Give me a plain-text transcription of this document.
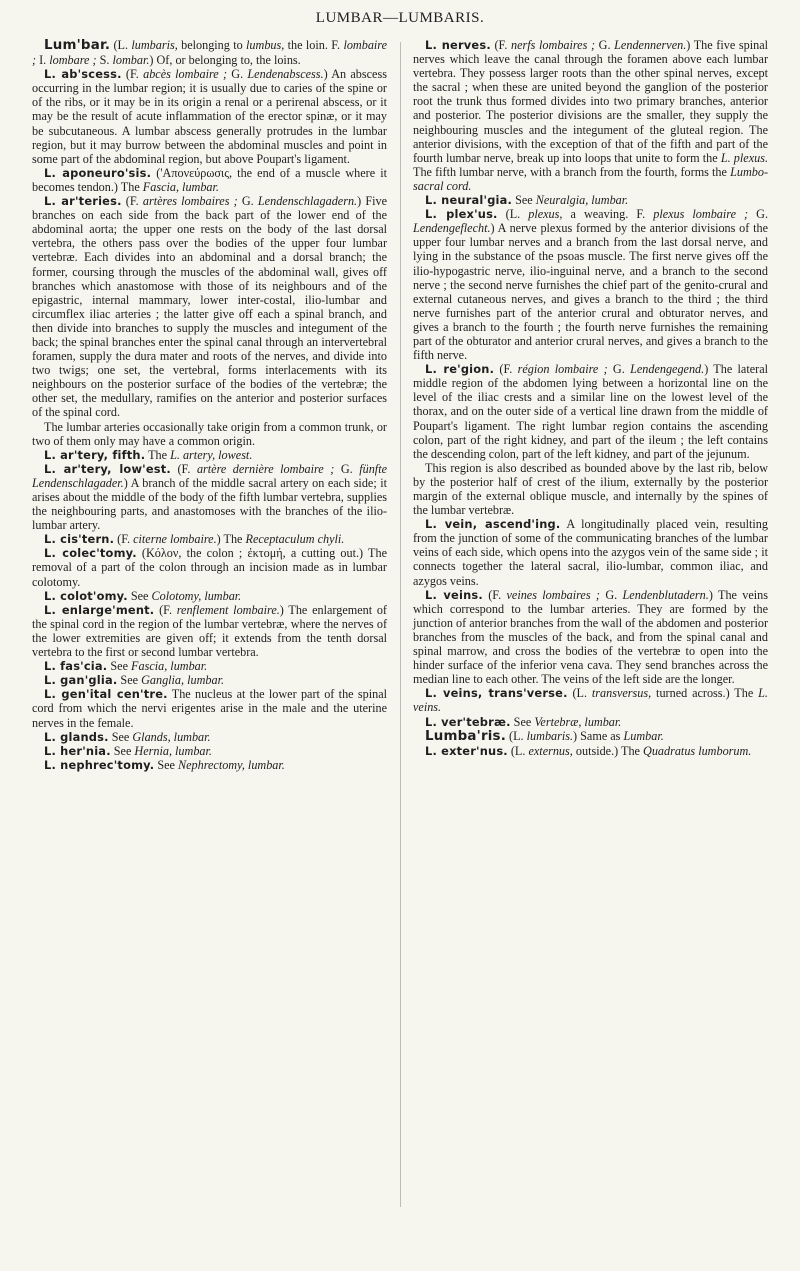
LUMBAR—LUMBARIS.

Lum'bar. (L. lumbaris, belonging to lumbus, the loin. F. lombaire ; I. lombare ; S. lombar.) Of, or belonging to, the loins.

L. ab'scess. (F. abcès lombaire ; G. Lendenabscess.) An abscess occurring in the lumbar region; it is usually due to caries of the spine or of the ribs, or it may be in its origin a renal or a perirenal abscess, or it may be the result of acute inflammation of the erector spinæ, or it may be subcutaneous. A lumbar abscess generally protrudes in the lumbar region, but it may burrow between the abdominal muscles and point in some part of the abdominal region, but above Poupart's ligament.

L. aponeuro'sis. ('Απονεύρωσις, the end of a muscle where it becomes tendon.) The Fascia, lumbar.

L. ar'teries. (F. artères lombaires ; G. Lendenschlagadern.) Five branches on each side from the back part of the lower end of the abdominal aorta; the upper one rests on the body of the last dorsal vertebra, the others pass over the bodies of the upper four lumbar vertebræ. Each divides into an abdominal and a dorsal branch; the former, coursing through the muscles of the abdominal wall, gives off branches which anastomose with those of its neighbours and of the epigastric, internal mammary, lower inter-costal, ilio-lumbar and circumflex iliac arteries ; the latter give off each a spinal branch, and then divide into branches to supply the muscles and integument of the back; the spinal branches enter the spinal canal through an intervertebral foramen, supply the dura mater and roots of the nerves, and divide into two twigs; one set, the vertebral, forms interlacements with its neighbours on the posterior surface of the bodies of the vertebræ; the other set, the medullary, ramifies on the anterior and posterior surfaces of the spinal cord.

The lumbar arteries occasionally take origin from a common trunk, or two of them only may have a common origin.

L. ar'tery, fifth. The L. artery, lowest.

L. ar'tery, low'est. (F. artère dernière lombaire ; G. fünfte Lendenschlagader.) A branch of the middle sacral artery on each side; it arises about the middle of the body of the fifth lumbar vertebra, supplies the neighbouring parts, and anastomoses with the branches of the ilio-lumbar artery.

L. cis'tern. (F. citerne lombaire.) The Receptaculum chyli.

L. colec'tomy. (Κόλον, the colon ; ἐκτομή, a cutting out.) The removal of a part of the colon through an incision made as in lumbar colotomy.

L. colot'omy. See Colotomy, lumbar.

L. enlarge'ment. (F. renflement lombaire.) The enlargement of the spinal cord in the region of the lumbar vertebræ, where the nerves of the lower extremities are given off; it extends from the tenth dorsal vertebra to the first or second lumbar vertebra.

L. fas'cia. See Fascia, lumbar.

L. gan'glia. See Ganglia, lumbar.

L. gen'ital cen'tre. The nucleus at the lower part of the spinal cord from which the nervi erigentes arise in the male and the uterine nerves in the female.

L. glands. See Glands, lumbar.

L. her'nia. See Hernia, lumbar.

L. nephrec'tomy. See Nephrectomy, lumbar.

L. nerves. (F. nerfs lombaires ; G. Lendennerven.) The five spinal nerves which leave the canal through the foramen above each lumbar vertebra. They possess larger roots than the other spinal nerves, except the sacral ; when these are united beyond the ganglion of the posterior root the trunk thus formed divides into two primary branches, anterior and posterior. The posterior divisions are the smaller, they supply the neighbouring muscles and the integument of the gluteal region. The anterior divisions, with the exception of that of the fifth and part of the fourth lumbar nerve, break up into loops that unite to form the L. plexus. The fifth lumbar nerve, with a branch from the fourth, forms the Lumbo-sacral cord.

L. neural'gia. See Neuralgia, lumbar.

L. plex'us. (L. plexus, a weaving. F. plexus lombaire ; G. Lendengeflecht.) A nerve plexus formed by the anterior divisions of the upper four lumbar nerves and a branch from the last dorsal nerve, and lying in the substance of the psoas muscle. The first nerve gives off the ilio-hypogastric nerve, ilio-inguinal nerve, and a branch to the second nerve ; the second nerve furnishes the chief part of the genito-crural and external cutaneous nerves, and gives a branch to the third ; the third nerve furnishes part of the anterior crural and obturator nerves, and gives a branch to the fourth ; the fourth nerve furnishes the remaining part of the obturator and anterior crural nerves, and gives a branch to the fifth nerve.

L. re'gion. (F. région lombaire ; G. Lendengegend.) The lateral middle region of the abdomen lying between a horizontal line on the level of the iliac crests and a similar line on the lowest level of the thorax, and on the outer side of a vertical line drawn from the middle of Poupart's ligament. The right lumbar region contains the ascending colon, part of the right kidney, and part of the ileum ; the left contains the descending colon, part of the left kidney, and part of the jejunum.

This region is also described as bounded above by the last rib, below by the posterior half of crest of the ilium, externally by the posterior margin of the external oblique muscle, and internally by the spines of the lumbar vertebræ.

L. vein, ascend'ing. A longitudinally placed vein, resulting from the junction of some of the communicating branches of the lumbar veins of each side, which opens into the azygos vein of the same side ; it connects together the lateral sacral, ilio-lumbar, common iliac, and azygos veins.

L. veins. (F. veines lombaires ; G. Lendenblutadern.) The veins which correspond to the lumbar arteries. They are formed by the junction of anterior branches from the wall of the abdomen and posterior branches from the muscles of the back, and from the spinal canal and spinal marrow, and cross the bodies of the vertebræ to open into the hinder surface of the inferior vena cava. They send branches across the median line to each other. The veins of the left side are the longer.

L. veins, trans'verse. (L. transversus, turned across.) The L. veins.

L. ver'tebræ. See Vertebræ, lumbar.

Lumba'ris. (L. lumbaris.) Same as Lumbar.

L. exter'nus. (L. externus, outside.) The Quadratus lumborum.
